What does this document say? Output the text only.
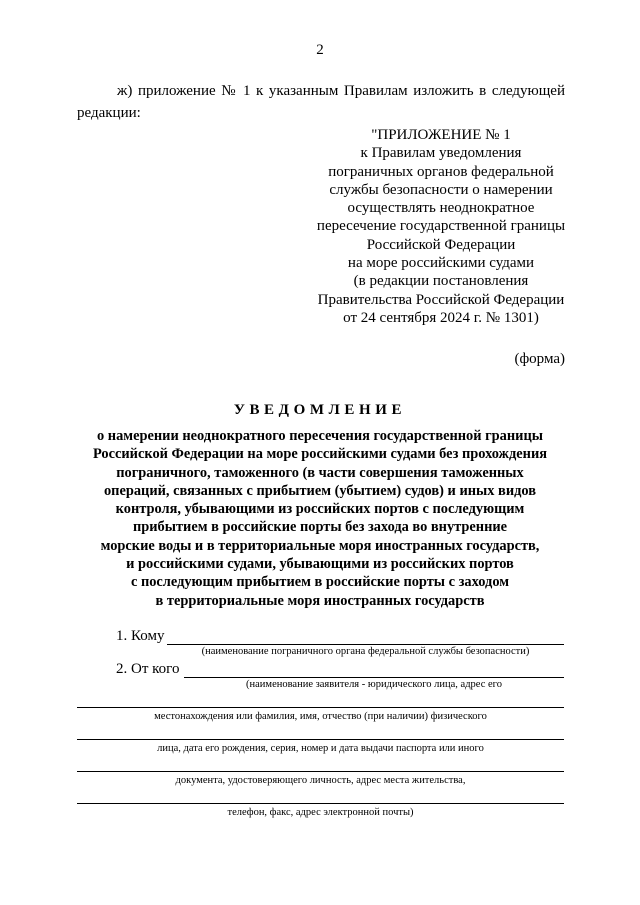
2
ж) приложение № 1 к указанным Правилам изложить в следующей
редакции:
"ПРИЛОЖЕНИЕ № 1
к Правилам уведомления
пограничных органов федеральной
службы безопасности о намерении
осуществлять неоднократное
пересечение государственной границы
Российской Федерации
на море российскими судами
(в редакции постановления
Правительства Российской Федерации
от 24 сентября 2024 г. № 1301)
(форма)
УВЕДОМЛЕНИЕ
о намерении неоднократного пересечения государственной границы
Российской Федерации на море российскими судами без прохождения
пограничного, таможенного (в части совершения таможенных
операций, связанных с прибытием (убытием) судов) и иных видов
контроля, убывающими из российских портов с последующим
прибытием в российские порты без захода во внутренние
морские воды и в территориальные моря иностранных государств,
и российскими судами, убывающими из российских портов
с последующим прибытием в российские порты с заходом
в территориальные моря иностранных государств
1. Кому
(наименование пограничного органа федеральной службы безопасности)
2. От кого
(наименование заявителя - юридического лица, адрес его
местонахождения или фамилия, имя, отчество (при наличии) физического
лица, дата его рождения, серия, номер и дата выдачи паспорта или иного
документа, удостоверяющего личность, адрес места жительства,
телефон, факс, адрес электронной почты)
